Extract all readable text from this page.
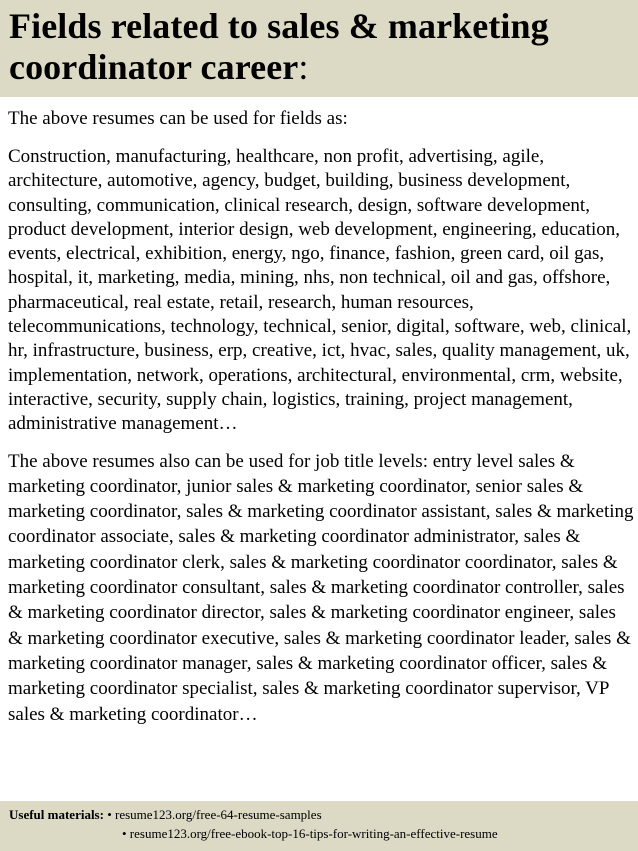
Fields related to sales & marketing coordinator career:

The above resumes can be used for fields as:

Construction, manufacturing, healthcare, non profit, advertising, agile, architecture, automotive, agency, budget, building, business development, consulting, communication, clinical research, design, software development, product development, interior design, web development, engineering, education, events, electrical, exhibition, energy, ngo, finance, fashion, green card, oil gas, hospital, it, marketing, media, mining, nhs, non technical, oil and gas, offshore, pharmaceutical, real estate, retail, research, human resources, telecommunications, technology, technical, senior, digital, software, web, clinical, hr, infrastructure, business, erp, creative, ict, hvac, sales, quality management, uk, implementation, network, operations, architectural, environmental, crm, website, interactive, security, supply chain, logistics, training, project management, administrative management…

The above resumes also can be used for job title levels: entry level sales & marketing coordinator, junior sales & marketing coordinator, senior sales & marketing coordinator, sales & marketing coordinator assistant, sales & marketing coordinator associate, sales & marketing coordinator administrator, sales & marketing coordinator clerk, sales & marketing coordinator coordinator, sales & marketing coordinator consultant, sales & marketing coordinator controller, sales & marketing coordinator director, sales & marketing coordinator engineer, sales & marketing coordinator executive, sales & marketing coordinator leader, sales & marketing coordinator manager, sales & marketing coordinator officer, sales & marketing coordinator specialist, sales & marketing coordinator supervisor, VP sales & marketing coordinator…

Useful materials: • resume123.org/free-64-resume-samples
• resume123.org/free-ebook-top-16-tips-for-writing-an-effective-resume
